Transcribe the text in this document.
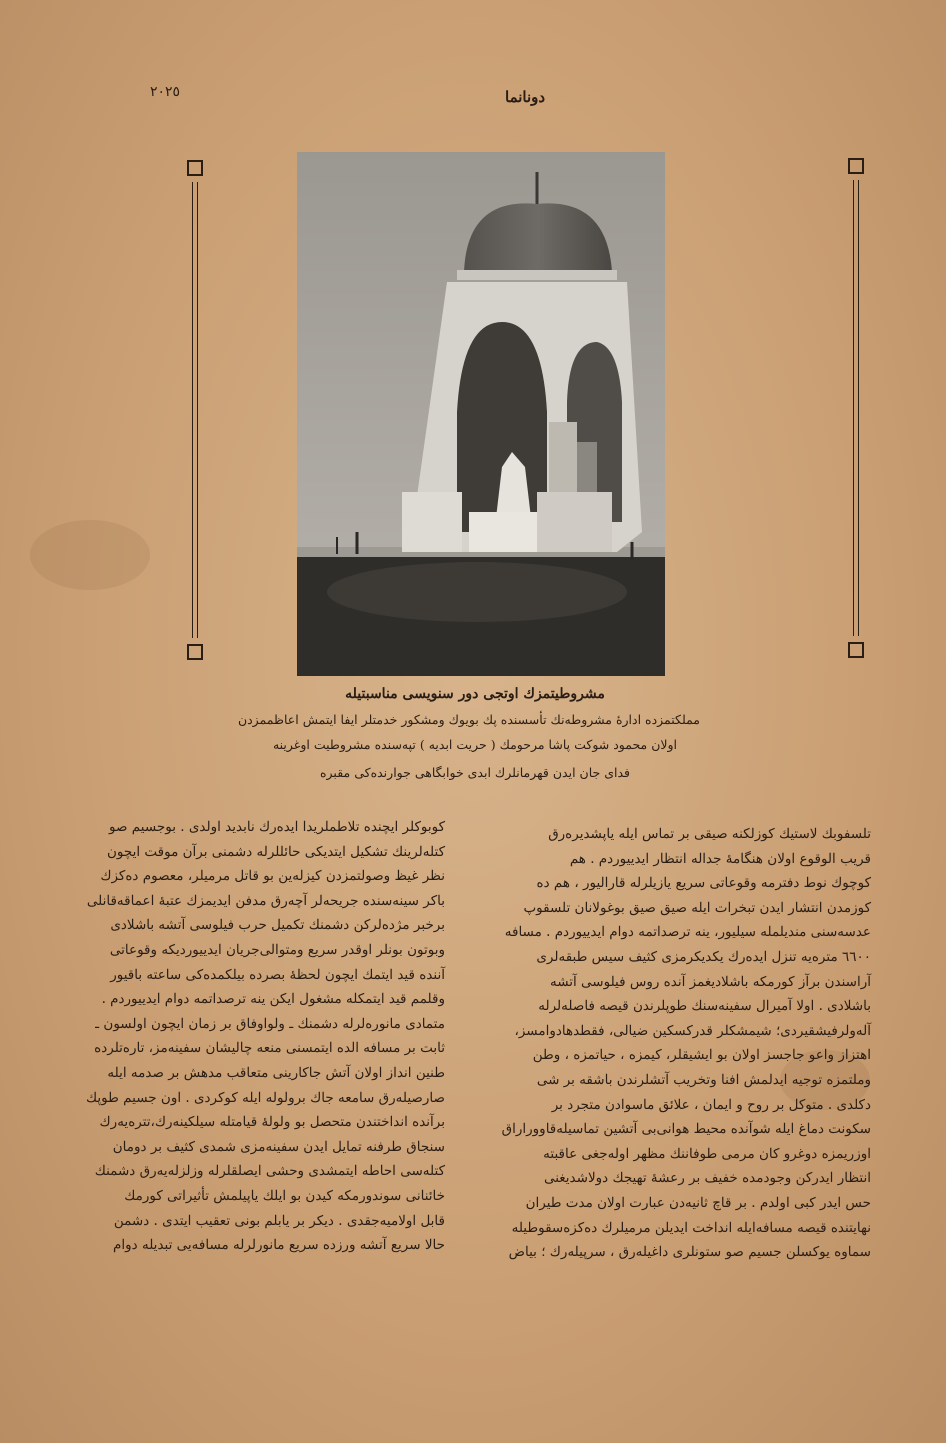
٢٠٢٥	دونانما
مشروطیتمزك اوتجی دور سنویسی مناسبتیله
مملکتمزده ادارۀ مشروطه‌نك تأسسنده پك بویوك ومشکور خدمتلر ایفا ایتمش اعاظممزدن
اولان محمود شوکت پاشا مرحومك ( حریت ابدیه ) تپه‌سنده مشروطیت اوغرینه
فدای جان ایدن قهرمانلرك ابدی خوابگاهی جوارنده‌کی مقبره

تلسفوبك لاستیك کوزلکنه صیقی بر تماس ایله یاپشدیرەرق

قریب الوقوع اولان هنگامۀ جداله انتظار ایدییوردم . هم

کوچوك نوط دفترمه وقوعاتی سریع یازیلرله قارالیور ، هم ده

کوزمدن انتشار ایدن تبخرات ایله صیق صیق بوغولانان تلسقوپ

عدسه‌سنی مندیلمله سیلیور، ینه ترصداتمه دوام ایدییوردم . مسافه

٦٦٠٠ متره‌یه تنزل ایدەرك یکدیکرمزی کثیف سیس طبقه‌لری

آراسندن برآز کورمکه باشلادیغمز آنده روس فیلوسی آتشه

باشلادی . اولا آمیرال سفینه‌سنك طوپلرندن قیصه فاصله‌لرله

آلەولرفیشقیردی؛ شیمشکلر قدرکسکین ضیالی، فقطدهادوامسز،

اهتزاز واعو جاجسز اولان بو ایشیقلر، کیمزه ، حیاتمزه ، وطن

وملتمزه توجیه ایدلمش افنا وتخریب آتشلرندن باشقه بر شی

دکلدی . متوکل بر روح و ایمان ، علائق ماسوادن متجرد بر

سکونت دماغ ایله شوآنده محیط هوانی‌بی آتشین تماسیله‌قاووراراق

اوزریمزه دوغرو کان مرمی طوفاننك مظهر اوله‌جغی عاقبته

انتظار ایدرکن وجودمده خفیف بر رعشۀ تهیجك دولاشدیغنی

حس ایدر کبی اولدم . بر قاچ ثانیه‌دن عبارت اولان مدت طیران

نهایتنده قیصه مسافه‌ایله انداخت ایدیلن مرمیلرك دەکزەسقوطیله

سماوه یوکسلن جسیم صو ستونلری داغیله‌رق ، سرپیله‌رك ؛ بیاض

کوبوکلر ایچنده تلاطملریدا ایدەرك نابدید اولدی . بوجسیم صو

کتله‌لرینك تشکیل ایتدیکی حائللرله دشمنی برآن موقت ایچون

نظر غیظ وصولتمزدن کیزله‌ین بو قاتل مرمیلر، معصوم دەکزك

باکر سینه‌سنده جریحه‌لر آچەرق مدفن ایدیمزك عتبۀ اعماقه‌قانلی

برخبر مژده‌لرکن دشمنك تکمیل حرب فیلوسی آتشه باشلادی

وبوتون بونلر اوقدر سریع ومتوالی‌جریان ایدییوردیکه وقوعاتی

آننده قید ایتمك ایچون لحظۀ بصرده بیلکمده‌کی ساعته باقیور

وقلمم قید ایتمکله مشغول ایکن ینه ترصداتمه دوام ایدییوردم .

متمادی مانورەلرله دشمنك ـ ولواوفاق بر زمان ایچون اولسون ـ

ثابت بر مسافه الده ایتمسنی منعه چالیشان سفینه‌مز، تارەتلرده

طنین انداز اولان آتش جاکارینی متعاقب مدهش بر صدمه ایله

صارصیله‌رق سامعه جاك برولوله ایله کوکردی . اون جسیم طوپك

برآنده انداختندن متحصل بو ولولۀ قیامتله سیلکینەرك،تترەیەرك

سنجاق طرفنه تمایل ایدن سفینه‌مزی شمدی کثیف بر دومان

کتله‌سی احاطه ایتمشدی وحشی ایصلقلرله وزلزله‌یەرق دشمنك

خائنانی سوندورمکه کیدن بو ایلك یاپیلمش تأثیراتی کورمك

قابل اولامیه‌جقدی . دیکر بر یابلم بونی تعقیب ایتدی . دشمن

حالا سریع آتشه ورزده سریع مانورلرله مسافه‌یی تبدیله دوام
